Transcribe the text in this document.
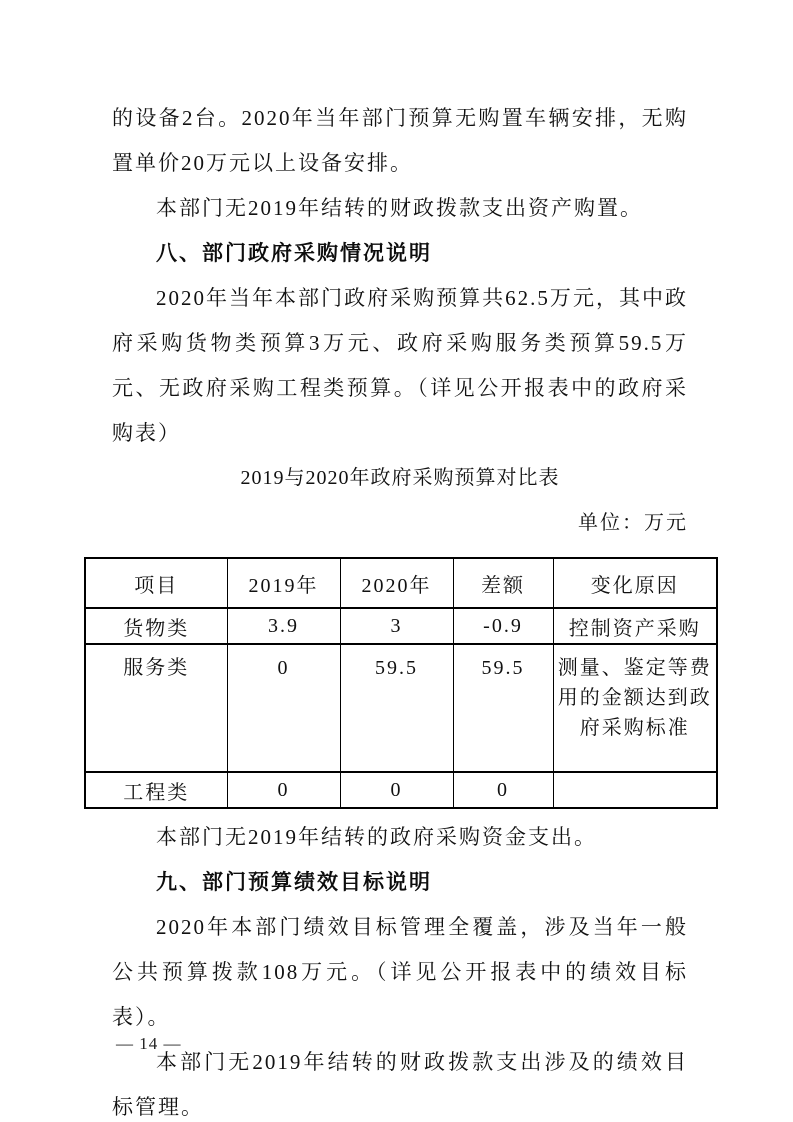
的设备2台。2020年当年部门预算无购置车辆安排，无购置单价20万元以上设备安排。

本部门无2019年结转的财政拨款支出资产购置。

八、部门政府采购情况说明

2020年当年本部门政府采购预算共62.5万元，其中政府采购货物类预算3万元、政府采购服务类预算59.5万元、无政府采购工程类预算。（详见公开报表中的政府采购表）

2019与2020年政府采购预算对比表

单位：万元

项目	2019年	2020年	差额	变化原因
货物类	3.9	3	-0.9	控制资产采购
服务类	0	59.5	59.5	测量、鉴定等费用的金额达到政府采购标准
工程类	0	0	0	

本部门无2019年结转的政府采购资金支出。

九、部门预算绩效目标说明

2020年本部门绩效目标管理全覆盖，涉及当年一般公共预算拨款108万元。（详见公开报表中的绩效目标表）。

本部门无2019年结转的财政拨款支出涉及的绩效目标管理。

— 14 —
